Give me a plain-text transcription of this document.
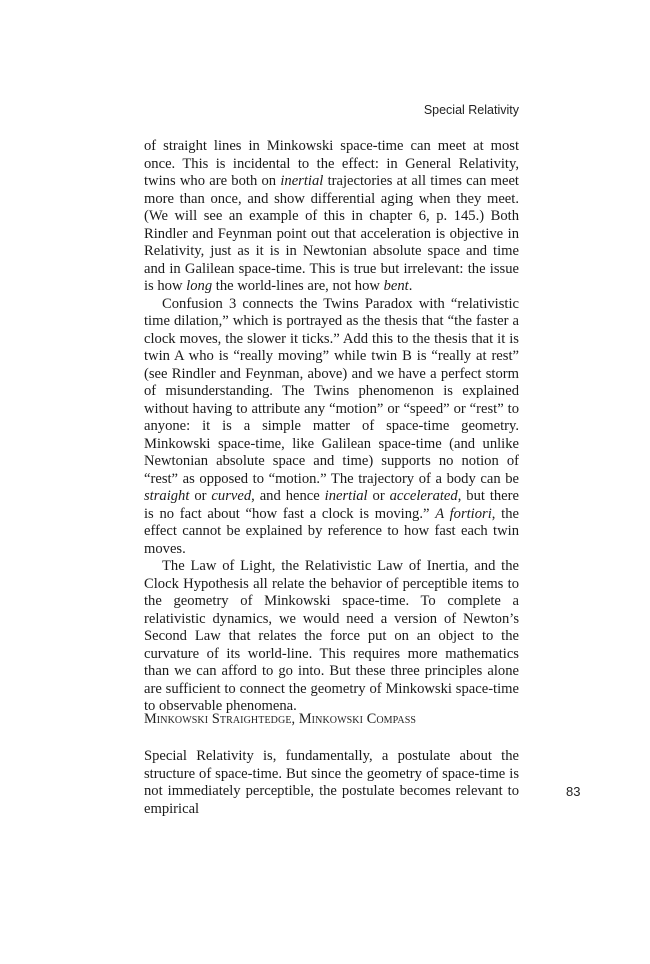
Special Relativity

of straight lines in Minkowski space-time can meet at most once. This is incidental to the effect: in General Relativity, twins who are both on inertial trajectories at all times can meet more than once, and show differential aging when they meet. (We will see an example of this in chapter 6, p. 145.) Both Rindler and Feynman point out that acceleration is objective in Relativity, just as it is in Newtonian absolute space and time and in Galilean space-time. This is true but irrelevant: the issue is how long the world-lines are, not how bent.

Confusion 3 connects the Twins Paradox with “relativistic time dilation,” which is portrayed as the thesis that “the faster a clock moves, the slower it ticks.” Add this to the thesis that it is twin A who is “really moving” while twin B is “really at rest” (see Rindler and Feynman, above) and we have a perfect storm of misunderstanding. The Twins phenomenon is explained without having to attribute any “motion” or “speed” or “rest” to anyone: it is a simple matter of space-time geometry. Minkowski space-time, like Galilean space-time (and unlike Newtonian absolute space and time) supports no notion of “rest” as opposed to “motion.” The trajectory of a body can be straight or curved, and hence inertial or accelerated, but there is no fact about “how fast a clock is moving.” A fortiori, the effect cannot be explained by reference to how fast each twin moves.

The Law of Light, the Relativistic Law of Inertia, and the Clock Hypothesis all relate the behavior of perceptible items to the geometry of Minkowski space-time. To complete a relativistic dynamics, we would need a version of Newton’s Second Law that relates the force put on an object to the curvature of its world-line. This requires more mathematics than we can afford to go into. But these three principles alone are sufficient to connect the geometry of Minkowski space-time to observable phenomena.

Minkowski Straightedge, Minkowski Compass

Special Relativity is, fundamentally, a postulate about the structure of space-time. But since the geometry of space-time is not immediately perceptible, the postulate becomes relevant to empirical

83
